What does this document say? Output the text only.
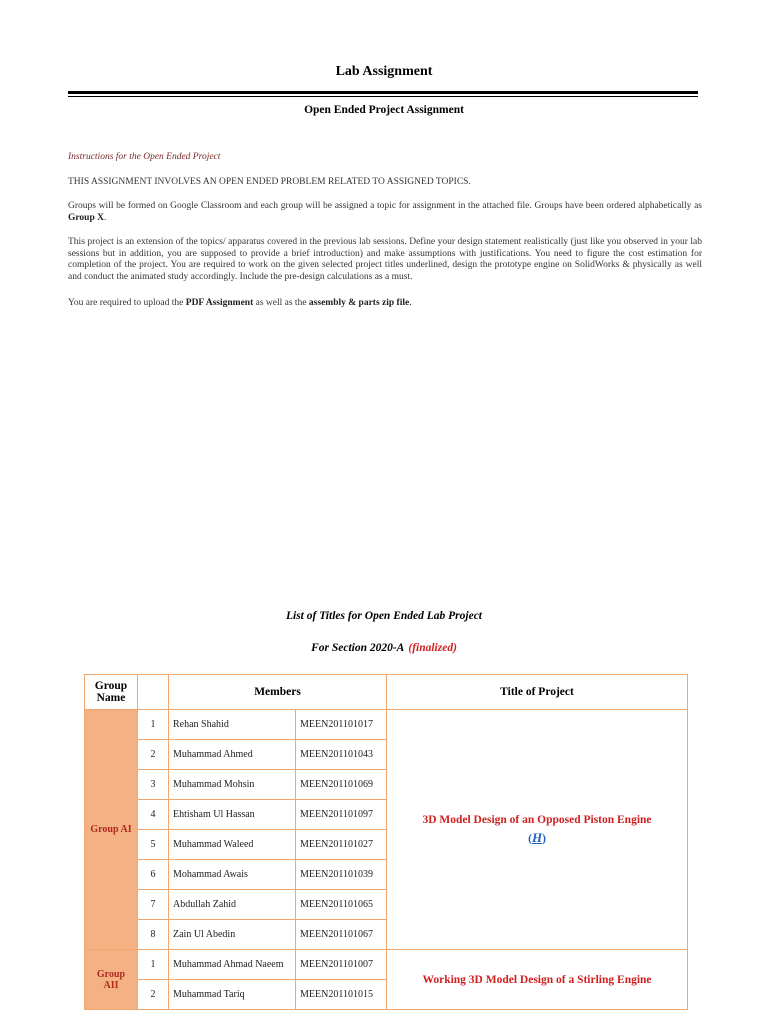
Lab Assignment
Open Ended Project Assignment
Instructions for the Open Ended Project
THIS ASSIGNMENT INVOLVES AN OPEN ENDED PROBLEM RELATED TO ASSIGNED TOPICS.
Groups will be formed on Google Classroom and each group will be assigned a topic for assignment in the attached file. Groups have been ordered alphabetically as Group X.
This project is an extension of the topics/ apparatus covered in the previous lab sessions. Define your design statement realistically (just like you observed in your lab sessions but in addition, you are supposed to provide a brief introduction) and make assumptions with justifications. You need to figure the cost estimation for completion of the project. You are required to work on the given selected project titles underlined, design the prototype engine on SolidWorks & physically as well and conduct the animated study accordingly. Include the pre-design calculations as a must.
You are required to upload the PDF Assignment as well as the assembly & parts zip file.
List of Titles for Open Ended Lab Project
For Section 2020-A (finalized)
Group Name		Members		Title of Project
Group AI	1	Rehan Shahid	MEEN201101017	3D Model Design of an Opposed Piston Engine
(H)

	2	Muhammad Ahmed	MEEN201101043	
	3	Muhammad Mohsin	MEEN201101069	
	4	Ehtisham Ul Hassan	MEEN201101097	
	5	Muhammad Waleed	MEEN201101027	
	6	Mohammad Awais	MEEN201101039	
	7	Abdullah Zahid	MEEN201101065	
	8	Zain Ul Abedin	MEEN201101067	
Group AII	1	Muhammad Ahmad Naeem	MEEN201101007	Working 3D Model Design of a Stirling Engine

	2	Muhammad Tariq	MEEN201101015	
